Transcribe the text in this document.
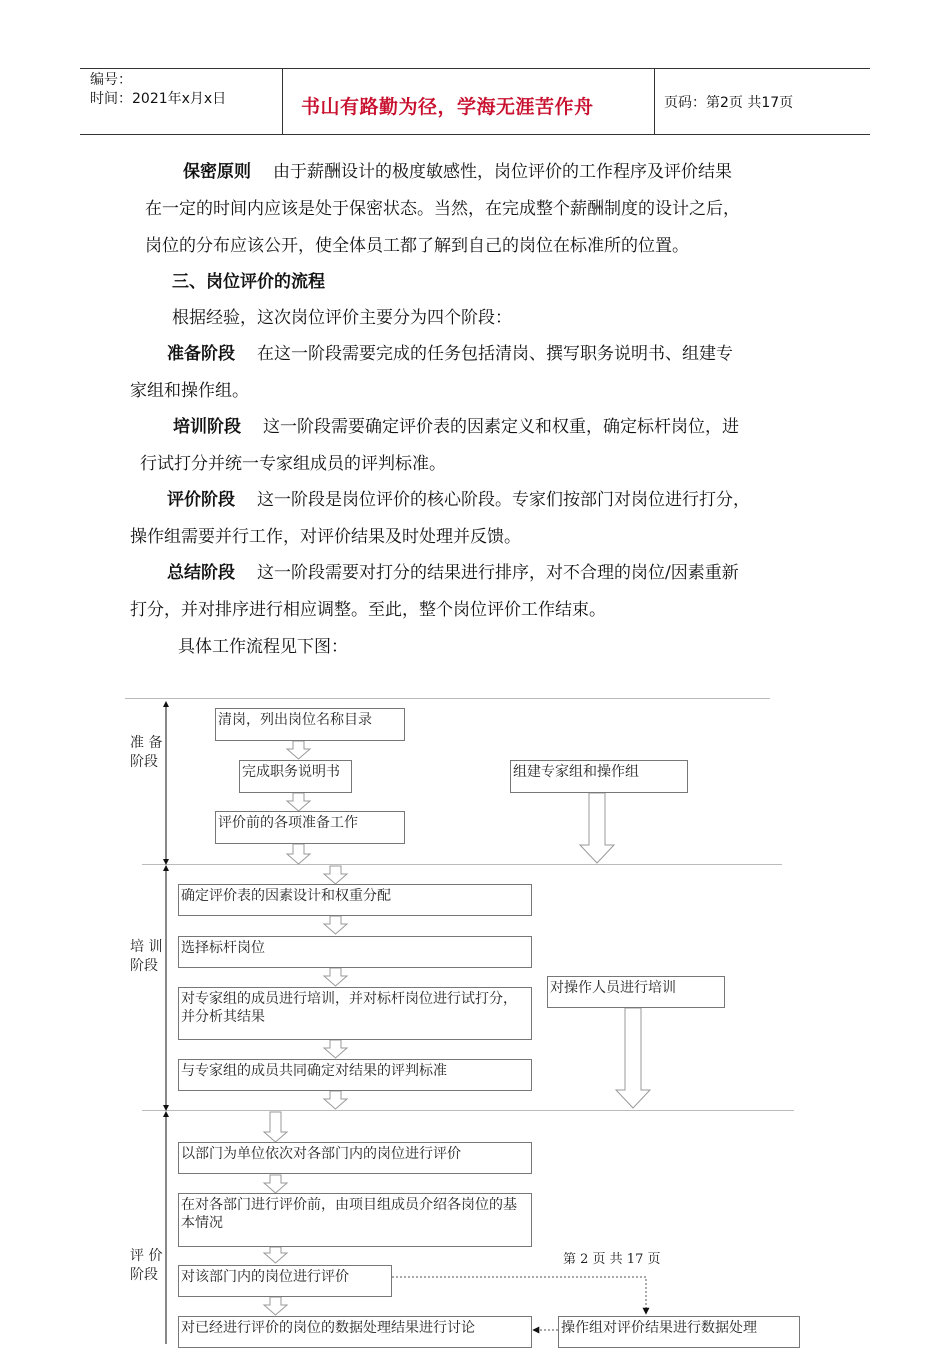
编号：
时间：2021年x月x日	书山有路勤为径，学海无涯苦作舟	页码：第2页 共17页
保密原则 由于薪酬设计的极度敏感性，岗位评价的工作程序及评价结果
在一定的时间内应该是处于保密状态。当然，在完成整个薪酬制度的设计之后，
岗位的分布应该公开，使全体员工都了解到自己的岗位在标准所的位置。
三、岗位评价的流程
根据经验，这次岗位评价主要分为四个阶段：
准备阶段 在这一阶段需要完成的任务包括清岗、撰写职务说明书、组建专
家组和操作组。
培训阶段 这一阶段需要确定评价表的因素定义和权重，确定标杆岗位，进
行试打分并统一专家组成员的评判标准。
评价阶段 这一阶段是岗位评价的核心阶段。专家们按部门对岗位进行打分，
操作组需要并行工作，对评价结果及时处理并反馈。
总结阶段 这一阶段需要对打分的结果进行排序，对不合理的岗位/因素重新
打分，并对排序进行相应调整。至此，整个岗位评价工作结束。
具体工作流程见下图：
准 备
阶段
培 训
阶段
评 价
阶段
清岗，列出岗位名称目录
完成职务说明书	组建专家组和操作组
评价前的各项准备工作
确定评价表的因素设计和权重分配
选择标杆岗位
对专家组的成员进行培训，并对标杆岗位进行试打分，并分析其结果
对操作人员进行培训
与专家组的成员共同确定对结果的评判标准
以部门为单位依次对各部门内的岗位进行评价
在对各部门进行评价前，由项目组成员介绍各岗位的基本情况
对该部门内的岗位进行评价
对已经进行评价的岗位的数据处理结果进行讨论	操作组对评价结果进行数据处理
第 2 页 共 17 页
